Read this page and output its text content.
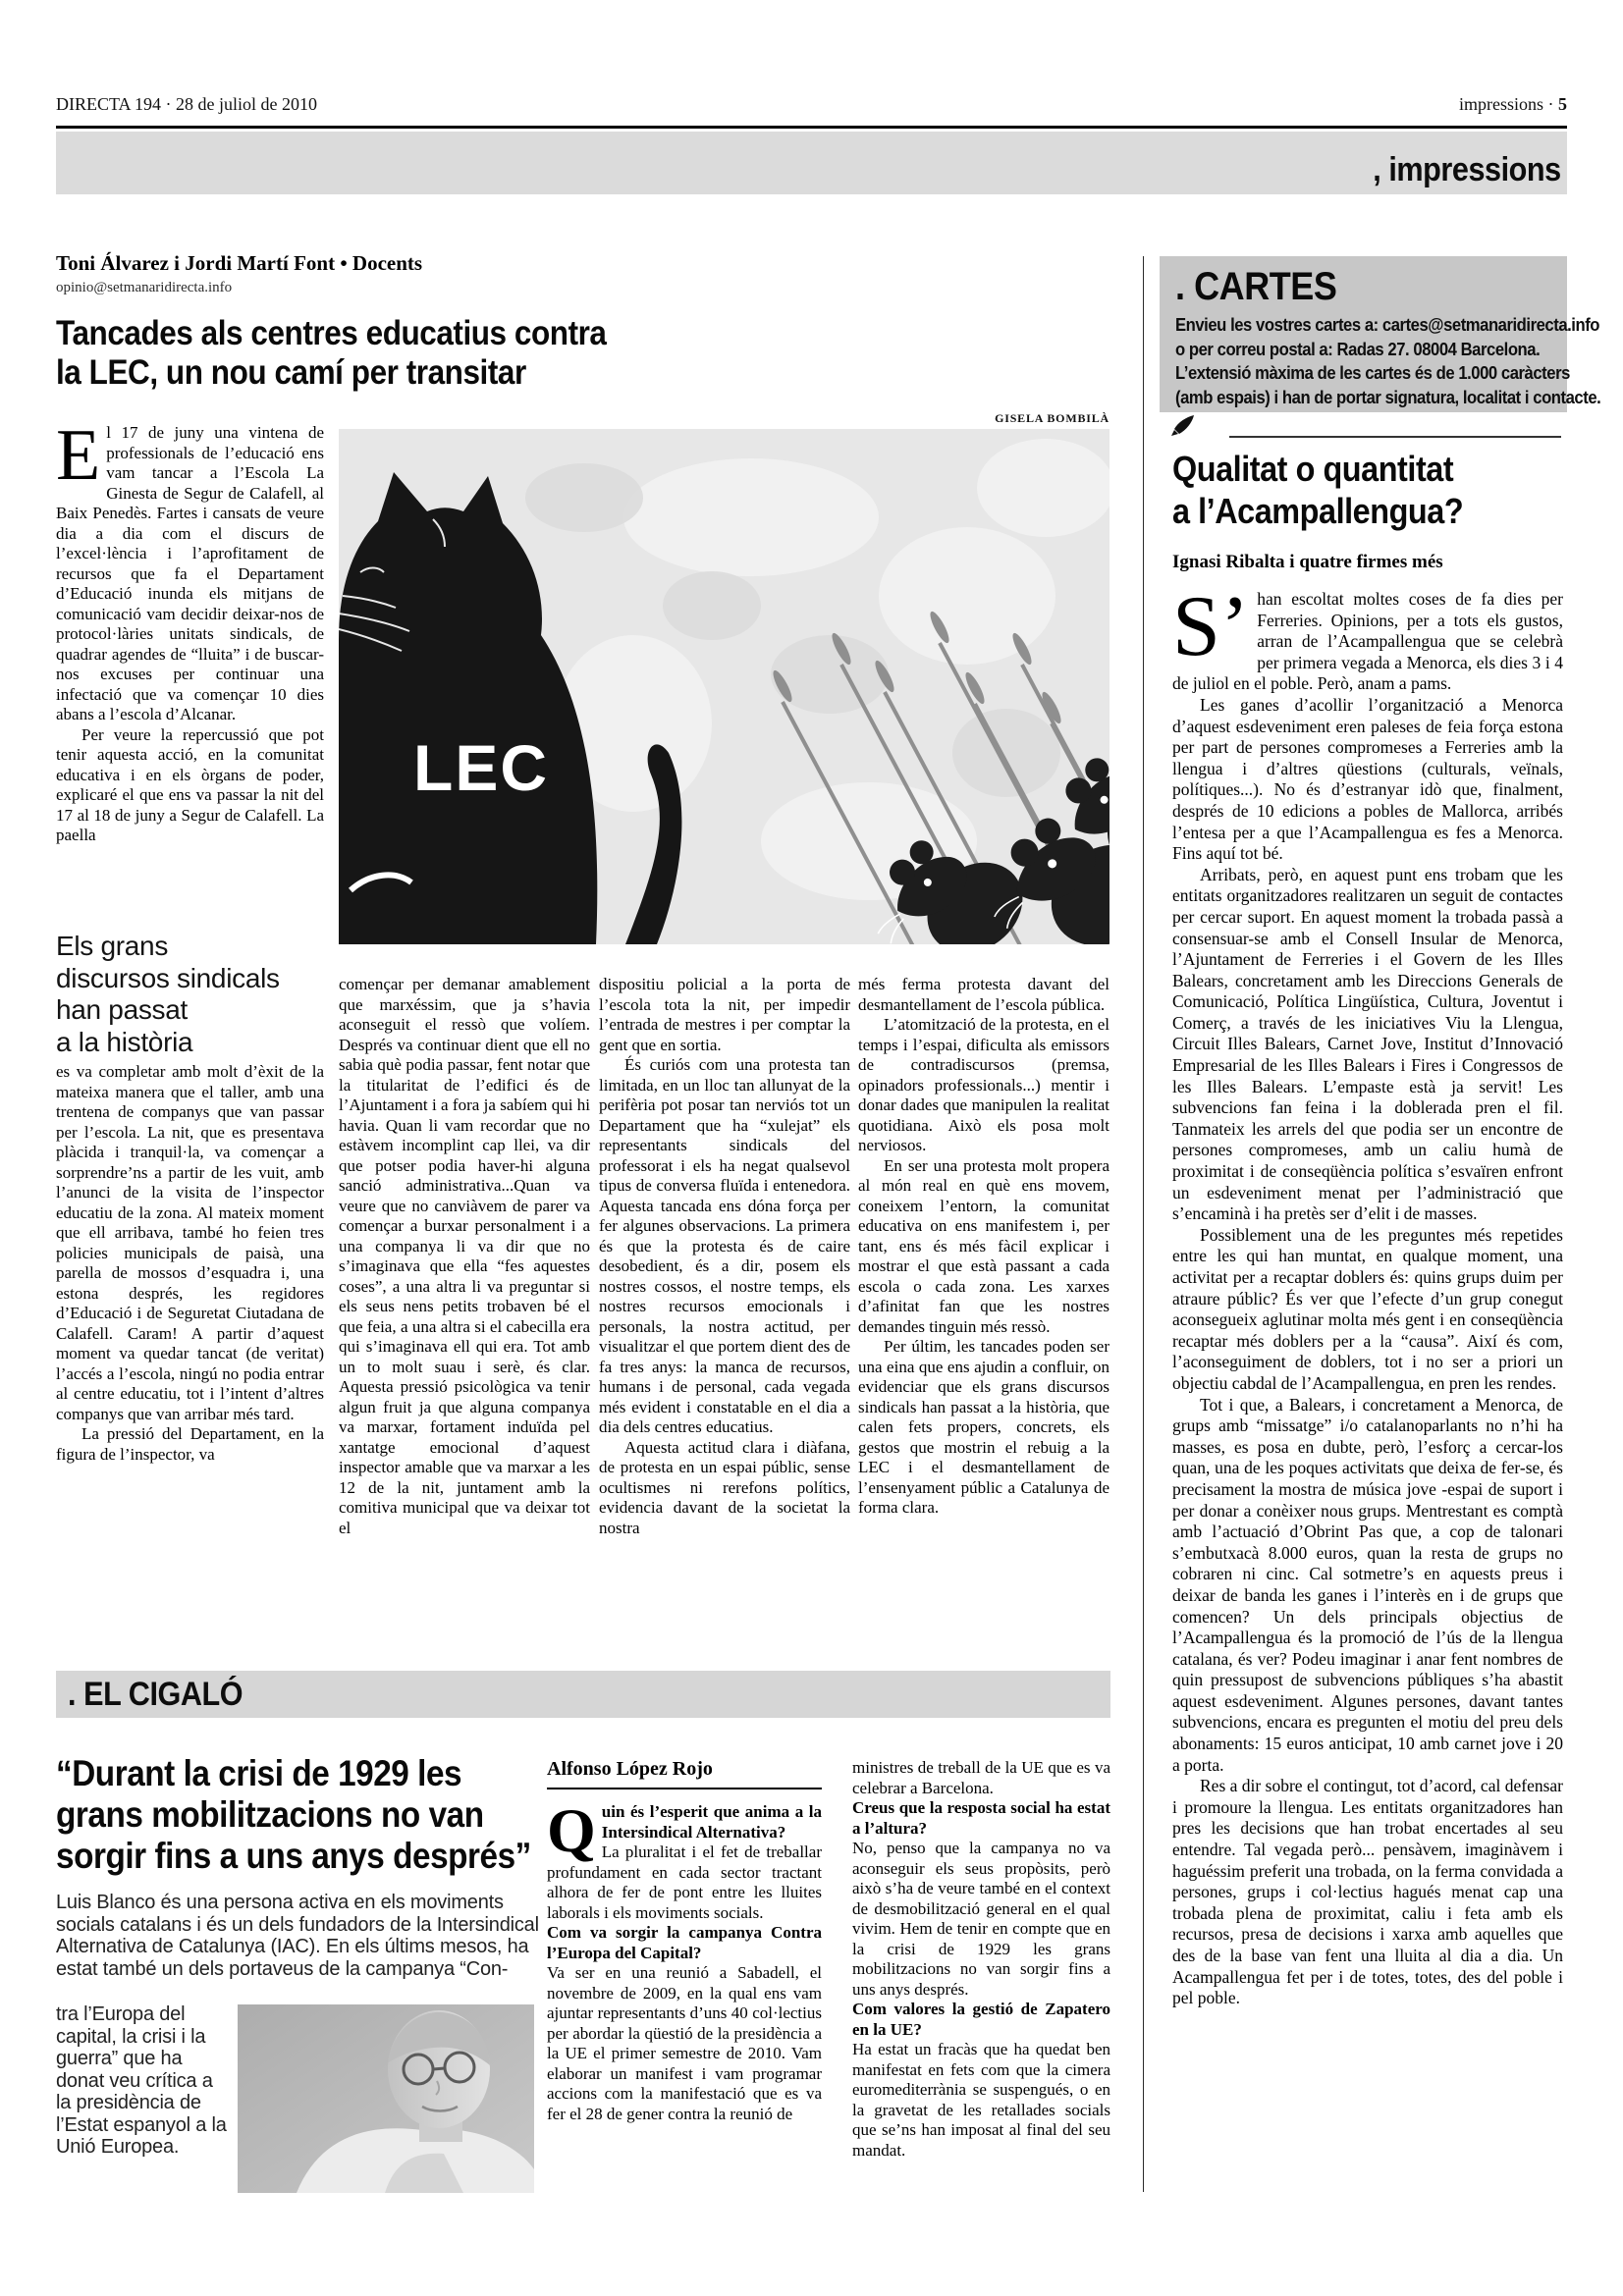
DIRECTA 194 · 28 de juliol de 2010	impressions · 5
, impressions
Toni Álvarez i Jordi Martí Font • Docents
opinio@setmanaridirecta.info
Tancades als centres educatius contra
la LEC, un nou camí per transitar
GISELA BOMBILÀ
LEC

El 17 de juny una vintena de professionals de l’educació ens vam tancar a l’Escola La Ginesta de Segur de Calafell, al Baix Penedès. Fartes i cansats de veure dia a dia com el discurs de l’excel·lència i l’aprofitament de recursos que fa el Departament d’Educació inunda els mitjans de comunicació vam decidir deixar-nos de protocol·làries unitats sindicals, de quadrar agendes de “lluita” i de buscar-nos excuses per continuar una infectació que va començar 10 dies abans a l’escola d’Alcanar.

Per veure la repercussió que pot tenir aquesta acció, en la comunitat educativa i en els òrgans de poder, explicaré el que ens va passar la nit del 17 al 18 de juny a Segur de Calafell. La paella

Els grans
discursos sindicals
han passat
a la història

es va completar amb molt d’èxit de la mateixa manera que el taller, amb una trentena de companys que van passar per l’escola. La nit, que es presentava plàcida i tranquil·la, va començar a sorprendre’ns a partir de les vuit, amb l’anunci de la visita de l’inspector educatiu de la zona. Al mateix moment que ell arribava, també ho feien tres policies municipals de paisà, una parella de mossos d’esquadra i, una estona després, les regidores d’Educació i de Seguretat Ciutadana de Calafell. Caram! A partir d’aquest moment va quedar tancat (de veritat) l’accés a l’escola, ningú no podia entrar al centre educatiu, tot i l’intent d’altres companys que van arribar més tard.

La pressió del Departament, en la figura de l’inspector, va

començar per demanar amablement que marxéssim, que ja s’havia aconseguit el ressò que volíem. Després va continuar dient que ell no sabia què podia passar, fent notar que la titularitat de l’edifici és de l’Ajuntament i a fora ja sabíem qui hi havia. Quan li vam recordar que no estàvem incomplint cap llei, va dir que potser podia haver-hi alguna sanció administrativa...Quan va veure que no canviàvem de parer va començar a burxar personalment i a una companya li va dir que no s’imaginava que ella “fes aquestes coses”, a una altra li va preguntar si els seus nens petits trobaven bé el que feia, a una altra si el cabecilla era qui s’imaginava ell qui era. Tot amb un to molt suau i serè, és clar. Aquesta pressió psicològica va tenir algun fruit ja que alguna companya va marxar, fortament induïda pel xantatge emocional d’aquest inspector amable que va marxar a les 12 de la nit, juntament amb la comitiva municipal que va deixar tot el

dispositiu policial a la porta de l’escola tota la nit, per impedir l’entrada de mestres i per comptar la gent que en sortia.

És curiós com una protesta tan limitada, en un lloc tan allunyat de la perifèria pot posar tan nerviós tot un Departament que ha “xulejat” els representants sindicals del professorat i els ha negat qualsevol tipus de conversa fluïda i entenedora. Aquesta tancada ens dóna força per fer algunes observacions. La primera és que la protesta és de caire desobedient, és a dir, posem els nostres cossos, el nostre temps, els nostres recursos emocionals i personals, la nostra actitud, per visualitzar el que portem dient des de fa tres anys: la manca de recursos, humans i de personal, cada vegada més evident i constatable en el dia a dia dels centres educatius.

Aquesta actitud clara i diàfana, de protesta en un espai públic, sense ocultismes ni rerefons polítics, evidencia davant de la societat la nostra

més ferma protesta davant del desmantellament de l’escola pública.

L’atomització de la protesta, en el temps i l’espai, dificulta als emissors de contradiscursos (premsa, opinadors professionals...) mentir i donar dades que manipulen la realitat quotidiana. Això els posa molt nerviosos.

En ser una protesta molt propera al món real en què ens movem, coneixem l’entorn, la comunitat educativa on ens manifestem i, per tant, ens és més fàcil explicar i mostrar el que està passant a cada escola o cada zona. Les xarxes d’afinitat fan que les nostres demandes tinguin més ressò.

Per últim, les tancades poden ser una eina que ens ajudin a confluir, on evidenciar que els grans discursos sindicals han passat a la història, que calen fets propers, concrets, els gestos que mostrin el rebuig a la LEC i el desmantellament de l’ensenyament públic a Catalunya de forma clara.

. EL CIGALÓ
“Durant la crisi de 1929 les
grans mobilitzacions no van
sorgir fins a uns anys després”
Luis Blanco és una persona activa en els moviments socials catalans i és un dels fundadors de la Intersindical Alternativa de Catalunya (IAC). En els últims mesos, ha estat també un dels portaveus de la campanya “Con-
tra l’Europa del capital, la crisi i la guerra” que ha donat veu crítica a la presidència de l’Estat espanyol a la Unió Europea.
Alfonso López Rojo

Quin és l’esperit que anima a la Intersindical Alternativa?

La pluralitat i el fet de treballar profundament en cada sector tractant alhora de fer de pont entre les lluites laborals i els moviments socials.

Com va sorgir la campanya Contra l’Europa del Capital?

Va ser en una reunió a Sabadell, el novembre de 2009, en la qual ens vam ajuntar representants d’uns 40 col·lectius per abordar la qüestió de la presidència a la UE el primer semestre de 2010. Vam elaborar un manifest i vam programar accions com la manifestació que es va fer el 28 de gener contra la reunió de

ministres de treball de la UE que es va celebrar a Barcelona.

Creus que la resposta social ha estat a l’altura?

No, penso que la campanya no va aconseguir els seus propòsits, però això s’ha de veure també en el context de desmobilització general en el qual vivim. Hem de tenir en compte que en la crisi de 1929 les grans mobilitzacions no van sorgir fins a uns anys després.

Com valores la gestió de Zapatero en la UE?

Ha estat un fracàs que ha quedat ben manifestat en fets com que la cimera euromediterrània se suspengués, o en la gravetat de les retallades socials que se’ns han imposat al final del seu mandat.

. CARTES
Envieu les vostres cartes a: cartes@setmanaridirecta.info
o per correu postal a: Radas 27. 08004 Barcelona.
L’extensió màxima de les cartes és de 1.000 caràcters
(amb espais) i han de portar signatura, localitat i contacte.
Qualitat o quantitat
a l’Acampallengua?
Ignasi Ribalta i quatre firmes més

S’ han escoltat moltes coses de fa dies per Ferreries. Opinions, per a tots els gustos, arran de l’Acampallengua que se celebrà per primera vegada a Menorca, els dies 3 i 4 de juliol en el poble. Però, anam a pams.

Les ganes d’acollir l’organització a Menorca d’aquest esdeveniment eren paleses de feia força estona per part de persones compromeses a Ferreries amb la llengua i d’altres qüestions (culturals, veïnals, polítiques...). No és d’estranyar idò que, finalment, després de 10 edicions a pobles de Mallorca, arribés l’entesa per a que l’Acampallengua es fes a Menorca. Fins aquí tot bé.

Arribats, però, en aquest punt ens trobam que les entitats organitzadores realitzaren un seguit de contactes per cercar suport. En aquest moment la trobada passà a consensuar-se amb el Consell Insular de Menorca, l’Ajuntament de Ferreries i el Govern de les Illes Balears, concretament amb les Direccions Generals de Comunicació, Política Lingüística, Cultura, Joventut i Comerç, a través de les iniciatives Viu la Llengua, Circuit Illes Balears, Carnet Jove, Institut d’Innovació Empresarial de les Illes Balears i Fires i Congressos de les Illes Balears. L’empaste està ja servit! Les subvencions fan feina i la doblerada pren el fil. Tanmateix les arrels del que podia ser un encontre de persones compromeses, amb un caliu humà de proximitat i de conseqüència política s’esvaïren enfront un esdeveniment menat per l’administració que s’encaminà i ha pretès ser d’elit i de masses.

Possiblement una de les preguntes més repetides entre les qui han muntat, en qualque moment, una activitat per a recaptar doblers és: quins grups duim per atraure públic? És ver que l’efecte d’un grup conegut aconsegueix aglutinar molta més gent i en conseqüència recaptar més doblers per a la “causa”. Així és com, l’aconseguiment de doblers, tot i no ser a priori un objectiu cabdal de l’Acampallengua, en pren les rendes.

Tot i que, a Balears, i concretament a Menorca, de grups amb “missatge” i/o catalanoparlants no n’hi ha masses, es posa en dubte, però, l’esforç a cercar-los quan, una de les poques activitats que deixa de fer-se, és precisament la mostra de música jove -espai de suport i per donar a conèixer nous grups. Mentrestant es comptà amb l’actuació d’Obrint Pas que, a cop de talonari s’embutxacà 8.000 euros, quan la resta de grups no cobraren ni cinc. Cal sotmetre’s en aquests preus i deixar de banda les ganes i l’interès en i de grups que comencen? Un dels principals objectius de l’Acampallengua és la promoció de l’ús de la llengua catalana, és ver? Podeu imaginar i anar fent nombres de quin pressupost de subvencions públiques s’ha abastit aquest esdeveniment. Algunes persones, davant tantes subvencions, encara es pregunten el motiu del preu dels abonaments: 15 euros anticipat, 10 amb carnet jove i 20 a porta.

Res a dir sobre el contingut, tot d’acord, cal defensar i promoure la llengua. Les entitats organitzadores han pres les decisions que han trobat encertades al seu entendre. Tal vegada però... pensàvem, imaginàvem i haguéssim preferit una trobada, on la ferma convidada a persones, grups i col·lectius hagués menat cap una trobada plena de proximitat, caliu i feta amb els recursos, presa de decisions i xarxa amb aquelles que des de la base van fent una lluita al dia a dia. Un Acampallengua fet per i de totes, totes, des del poble i pel poble.
